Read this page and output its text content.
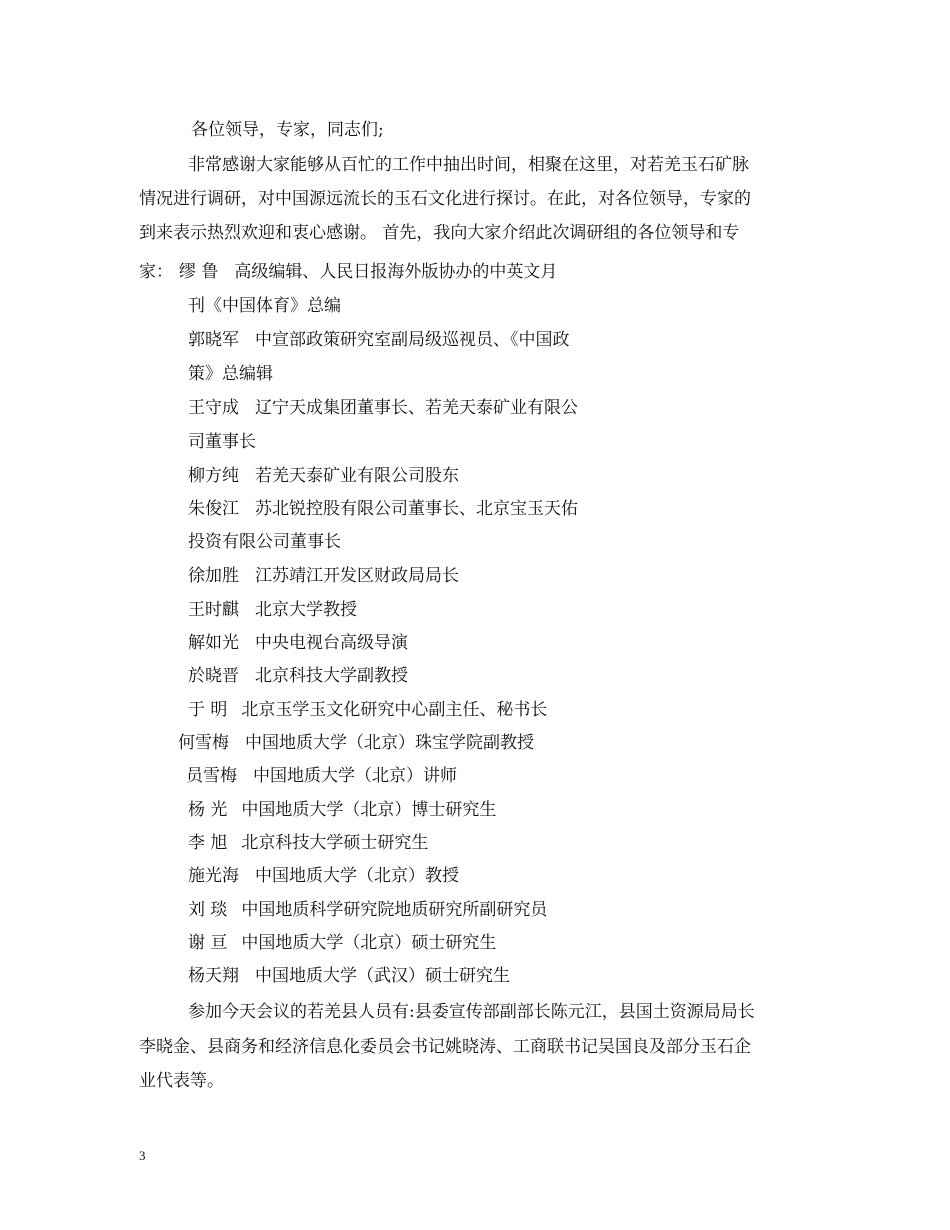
各位领导，专家，同志们;
非常感谢大家能够从百忙的工作中抽出时间，相聚在这里，对若羌玉石矿脉
情况进行调研，对中国源远流长的玉石文化进行探讨。在此，对各位领导，专家的
到来表示热烈欢迎和衷心感谢。 首先，我向大家介绍此次调研组的各位领导和专
家： 缪 鲁 高级编辑、人民日报海外版协办的中英文月
刊《中国体育》总编
郭晓军 中宣部政策研究室副局级巡视员、《中国政
策》总编辑
王守成 辽宁天成集团董事长、若羌天泰矿业有限公
司董事长
柳方纯 若羌天泰矿业有限公司股东
朱俊江 苏北锐控股有限公司董事长、北京宝玉天佑
投资有限公司董事长
徐加胜 江苏靖江开发区财政局局长
王时麒 北京大学教授
解如光 中央电视台高级导演
於晓晋 北京科技大学副教授
于 明 北京玉学玉文化研究中心副主任、秘书长
何雪梅 中国地质大学（北京）珠宝学院副教授
员雪梅 中国地质大学（北京）讲师
杨 光 中国地质大学（北京）博士研究生
李 旭 北京科技大学硕士研究生
施光海 中国地质大学（北京）教授
刘 琰 中国地质科学研究院地质研究所副研究员
谢 亘 中国地质大学（北京）硕士研究生
杨天翔 中国地质大学（武汉）硕士研究生
参加今天会议的若羌县人员有:县委宣传部副部长陈元江，县国土资源局局长
李晓金、县商务和经济信息化委员会书记姚晓涛、工商联书记吴国良及部分玉石企
业代表等。
3
